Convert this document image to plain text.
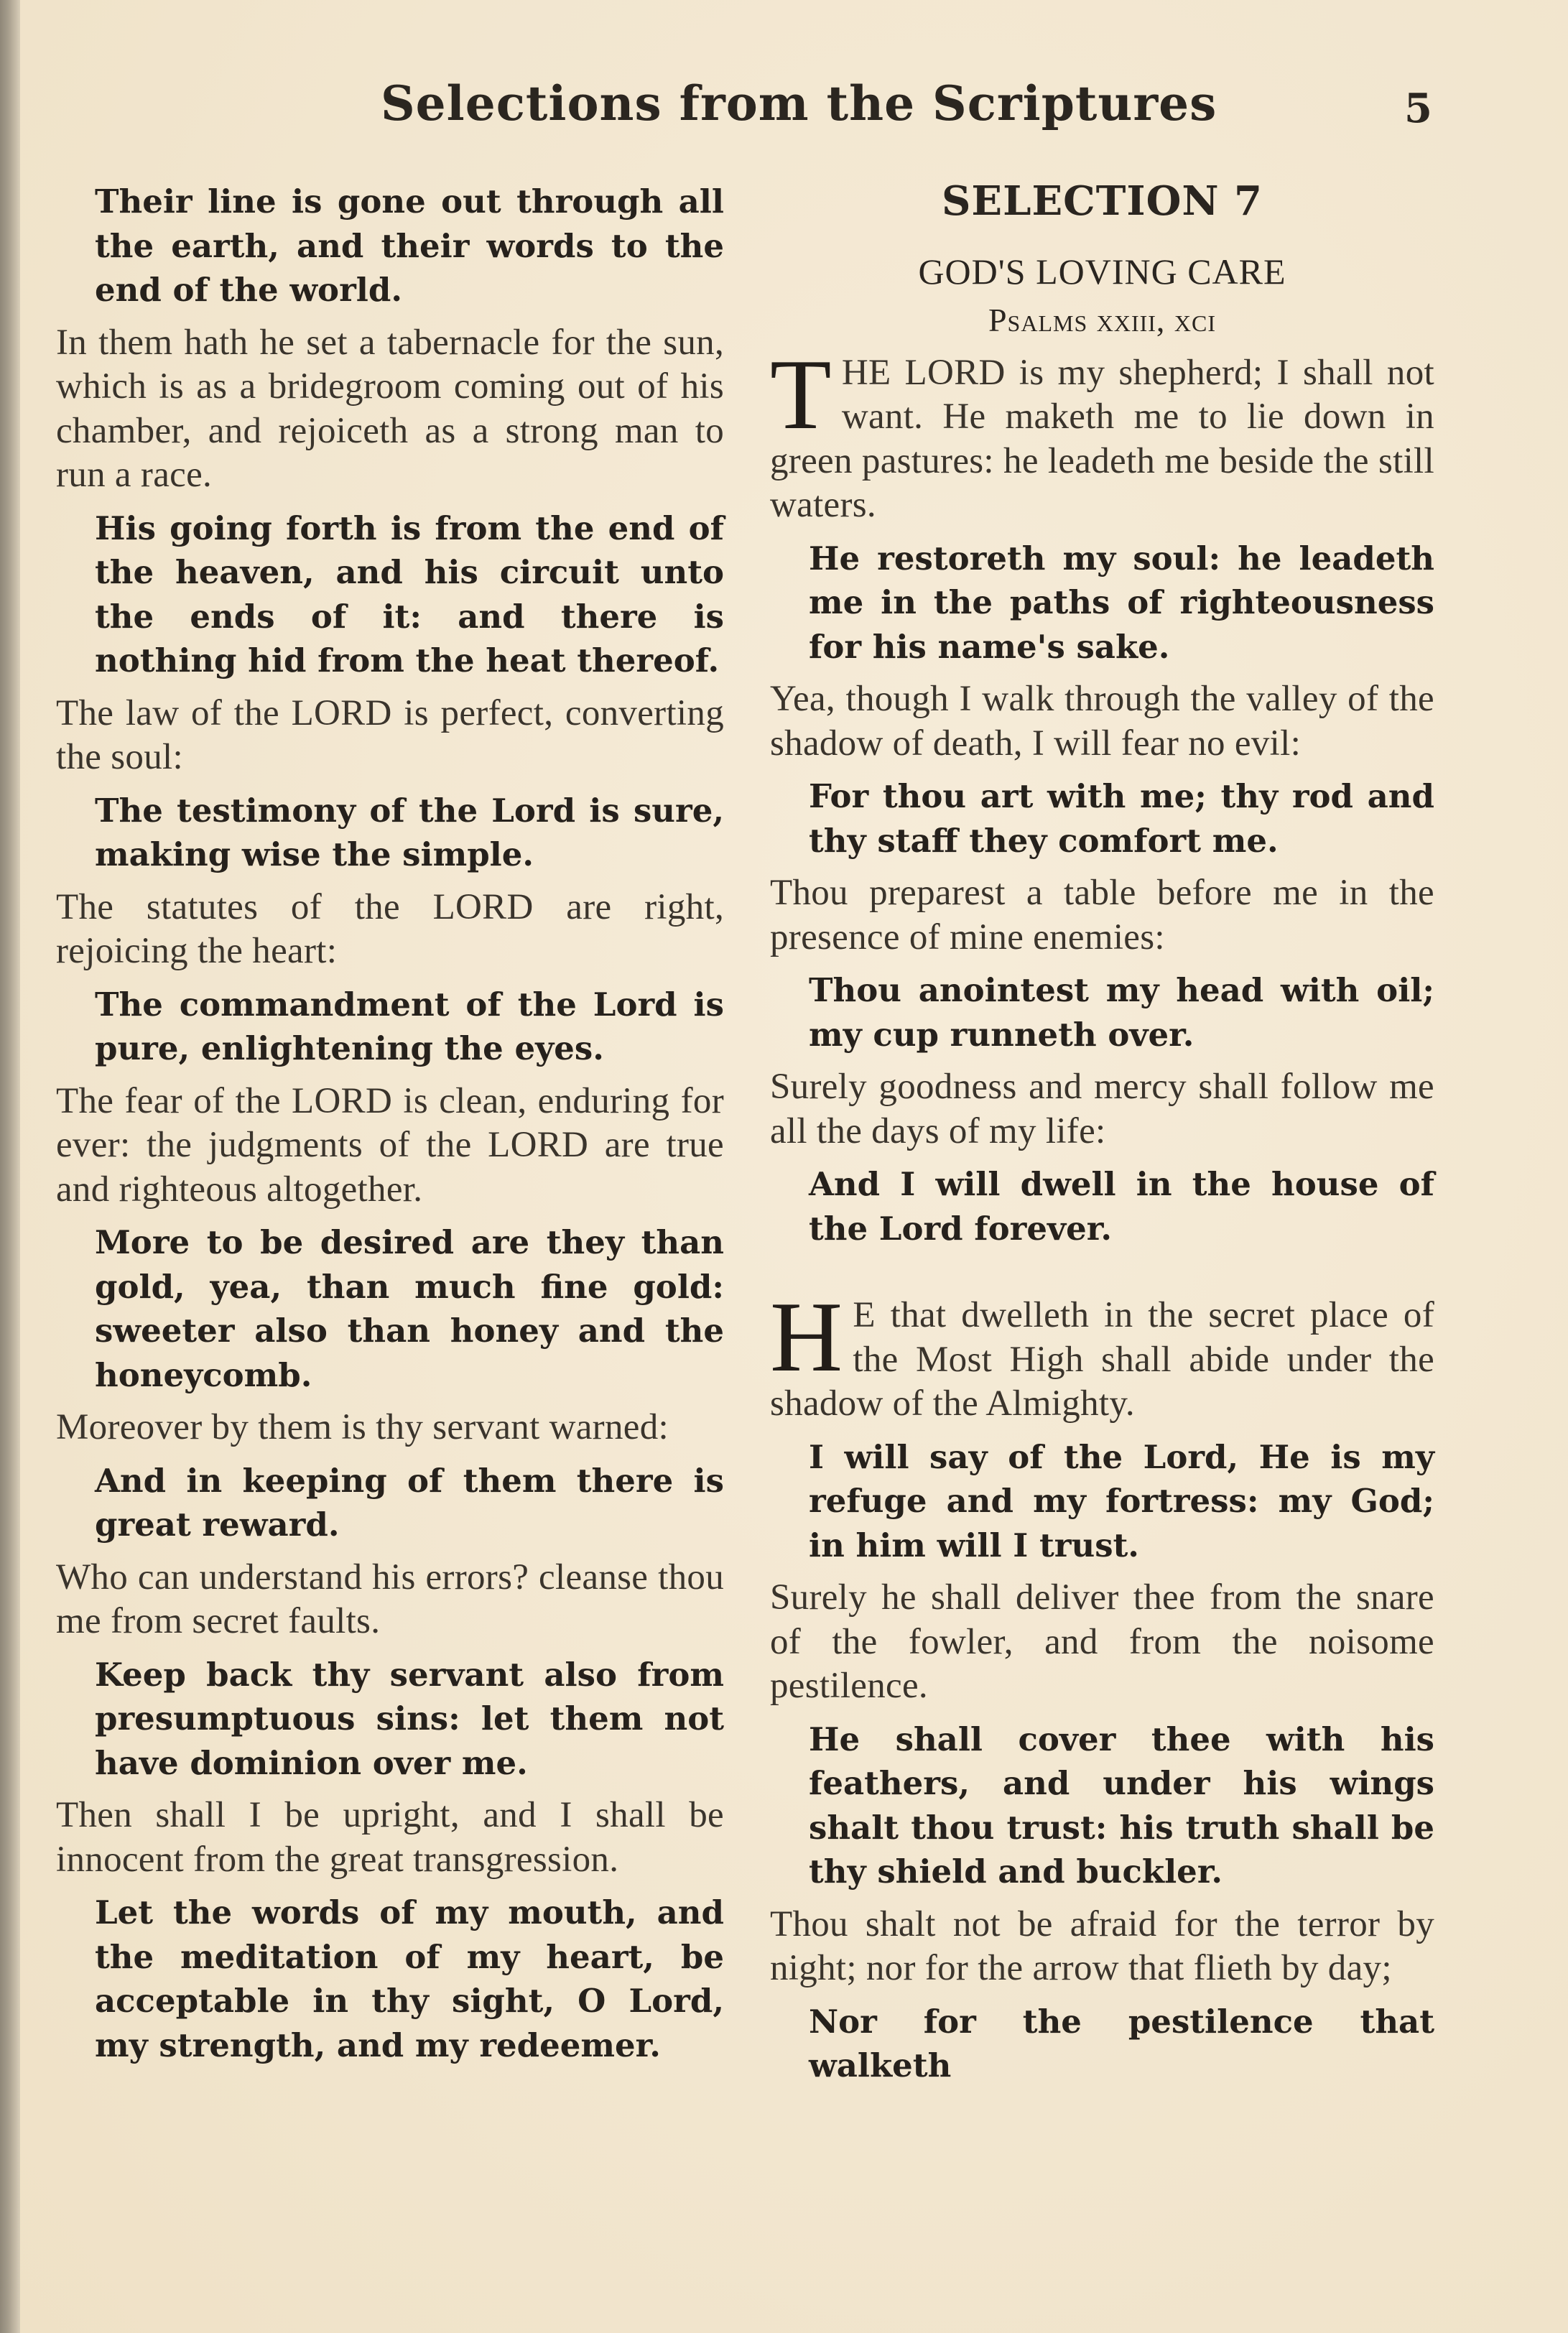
Selections from the Scriptures	5

Their line is gone out through all the earth, and their words to the end of the world.

In them hath he set a tabernacle for the sun, which is as a bridegroom coming out of his chamber, and rejoiceth as a strong man to run a race.

His going forth is from the end of the heaven, and his circuit unto the ends of it: and there is nothing hid from the heat thereof.

The law of the LORD is perfect, converting the soul:

The testimony of the Lord is sure, making wise the simple.

The statutes of the LORD are right, rejoicing the heart:

The commandment of the Lord is pure, enlightening the eyes.

The fear of the LORD is clean, enduring for ever: the judgments of the LORD are true and righteous altogether.

More to be desired are they than gold, yea, than much fine gold: sweeter also than honey and the honeycomb.

Moreover by them is thy servant warned:

And in keeping of them there is great reward.

Who can understand his errors? cleanse thou me from secret faults.

Keep back thy servant also from presumptuous sins: let them not have dominion over me.

Then shall I be upright, and I shall be innocent from the great transgression.

Let the words of my mouth, and the meditation of my heart, be acceptable in thy sight, O Lord, my strength, and my redeemer.

SELECTION 7
GOD'S LOVING CARE
Psalms xxiii, xci

T HE LORD is my shepherd; I shall not want. He maketh me to lie down in green pastures: he leadeth me beside the still waters.

He restoreth my soul: he leadeth me in the paths of righteousness for his name's sake.

Yea, though I walk through the valley of the shadow of death, I will fear no evil:

For thou art with me; thy rod and thy staff they comfort me.

Thou preparest a table before me in the presence of mine enemies:

Thou anointest my head with oil; my cup runneth over.

Surely goodness and mercy shall follow me all the days of my life:

And I will dwell in the house of the Lord forever.

H E that dwelleth in the secret place of the Most High shall abide under the shadow of the Almighty.

I will say of the Lord, He is my refuge and my fortress: my God; in him will I trust.

Surely he shall deliver thee from the snare of the fowler, and from the noisome pestilence.

He shall cover thee with his feathers, and under his wings shalt thou trust: his truth shall be thy shield and buckler.

Thou shalt not be afraid for the terror by night; nor for the arrow that flieth by day;

Nor for the pestilence that walketh
